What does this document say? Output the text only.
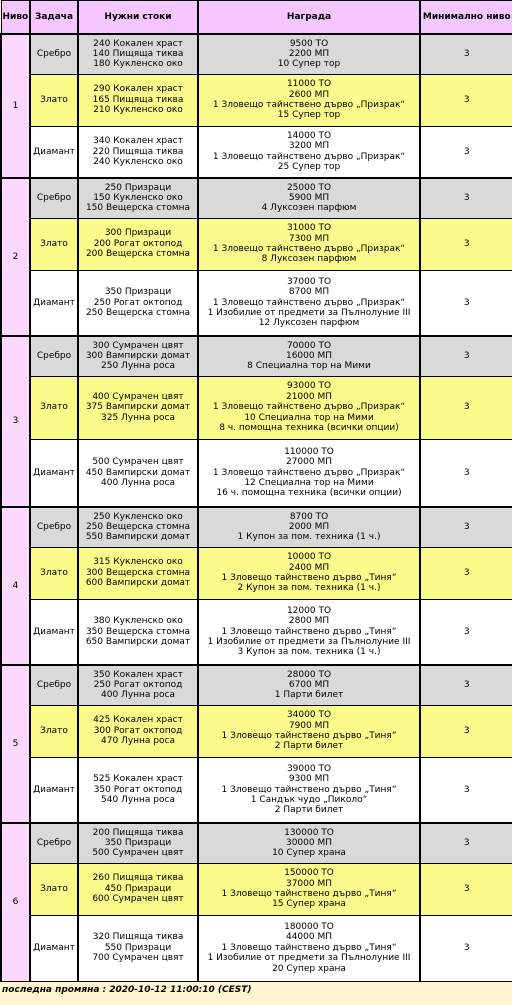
Ниво	Задача	Нужни стоки	Награда	Минимално ниво
1	Сребро	240 Кокален храст
140 Пищяща тиква
180 Кукленско око	9500 ТО
2200 МП
10 Супер тор	3
	Злато	290 Кокален храст
165 Пищяща тиква
210 Кукленско око	11000 ТО
2600 МП
1 Зловещо тайнствено дърво „Призрак“
15 Супер тор	3
	Диамант	340 Кокален храст
220 Пищяща тиква
240 Кукленско око	14000 ТО
3200 МП
1 Зловещо тайнствено дърво „Призрак“
25 Супер тор	3
2	Сребро	250 Призраци
150 Кукленско око
150 Вещерска стомна	25000 ТО
5900 МП
4 Луксозен парфюм	3
	Злато	300 Призраци
200 Рогат октопод
200 Вещерска стомна	31000 ТО
7300 МП
1 Зловещо тайнствено дърво „Призрак“
8 Луксозен парфюм	3
	Диамант	350 Призраци
250 Рогат октопод
250 Вещерска стомна	37000 ТО
8700 МП
1 Зловещо тайнствено дърво „Призрак“
1 Изобилие от предмети за Пълнолуние III
12 Луксозен парфюм	3
3	Сребро	300 Сумрачен цвят
300 Вампирски домат
250 Лунна роса	70000 ТО
16000 МП
8 Специална тор на Мими	3
	Злато	400 Сумрачен цвят
375 Вампирски домат
325 Лунна роса	93000 ТО
21000 МП
1 Зловещо тайнствено дърво „Призрак“
10 Специална тор на Мими
8 ч. помощна техника (всички опции)	3
	Диамант	500 Сумрачен цвят
450 Вампирски домат
400 Лунна роса	110000 ТО
27000 МП
1 Зловещо тайнствено дърво „Призрак“
12 Специална тор на Мими
16 ч. помощна техника (всички опции)	3
4	Сребро	250 Кукленско око
250 Вещерска стомна
550 Вампирски домат	8700 ТО
2000 МП
1 Купон за пом. техника (1 ч.)	3
	Злато	315 Кукленско око
300 Вещерска стомна
600 Вампирски домат	10000 ТО
2400 МП
1 Зловещо тайнствено дърво „Тиня“
2 Купон за пом. техника (1 ч.)	3
	Диамант	380 Кукленско око
350 Вещерска стомна
650 Вампирски домат	12000 ТО
2800 МП
1 Зловещо тайнствено дърво „Тиня“
1 Изобилие от предмети за Пълнолуние III
3 Купон за пом. техника (1 ч.)	3
5	Сребро	350 Кокален храст
250 Рогат октопод
400 Лунна роса	28000 ТО
6700 МП
1 Парти билет	3
	Злато	425 Кокален храст
300 Рогат октопод
470 Лунна роса	34000 ТО
7900 МП
1 Зловещо тайнствено дърво „Тиня“
2 Парти билет	3
	Диамант	525 Кокален храст
350 Рогат октопод
540 Лунна роса	39000 ТО
9300 МП
1 Зловещо тайнствено дърво „Тиня“
1 Сандък чудо „Пиколо“
2 Парти билет	3
6	Сребро	200 Пищяща тиква
350 Призраци
500 Сумрачен цвят	130000 ТО
30000 МП
10 Супер храна	3
	Злато	260 Пищяща тиква
450 Призраци
600 Сумрачен цвят	150000 ТО
37000 МП
1 Зловещо тайнствено дърво „Тиня“
15 Супер храна	3
	Диамант	320 Пищяща тиква
550 Призраци
700 Сумрачен цвят	180000 ТО
44000 МП
1 Зловещо тайнствено дърво „Тиня“
1 Изобилие от предмети за Пълнолуние III
20 Супер храна	3
последна промяна : 2020-10-12 11:00:10 (CEST)
